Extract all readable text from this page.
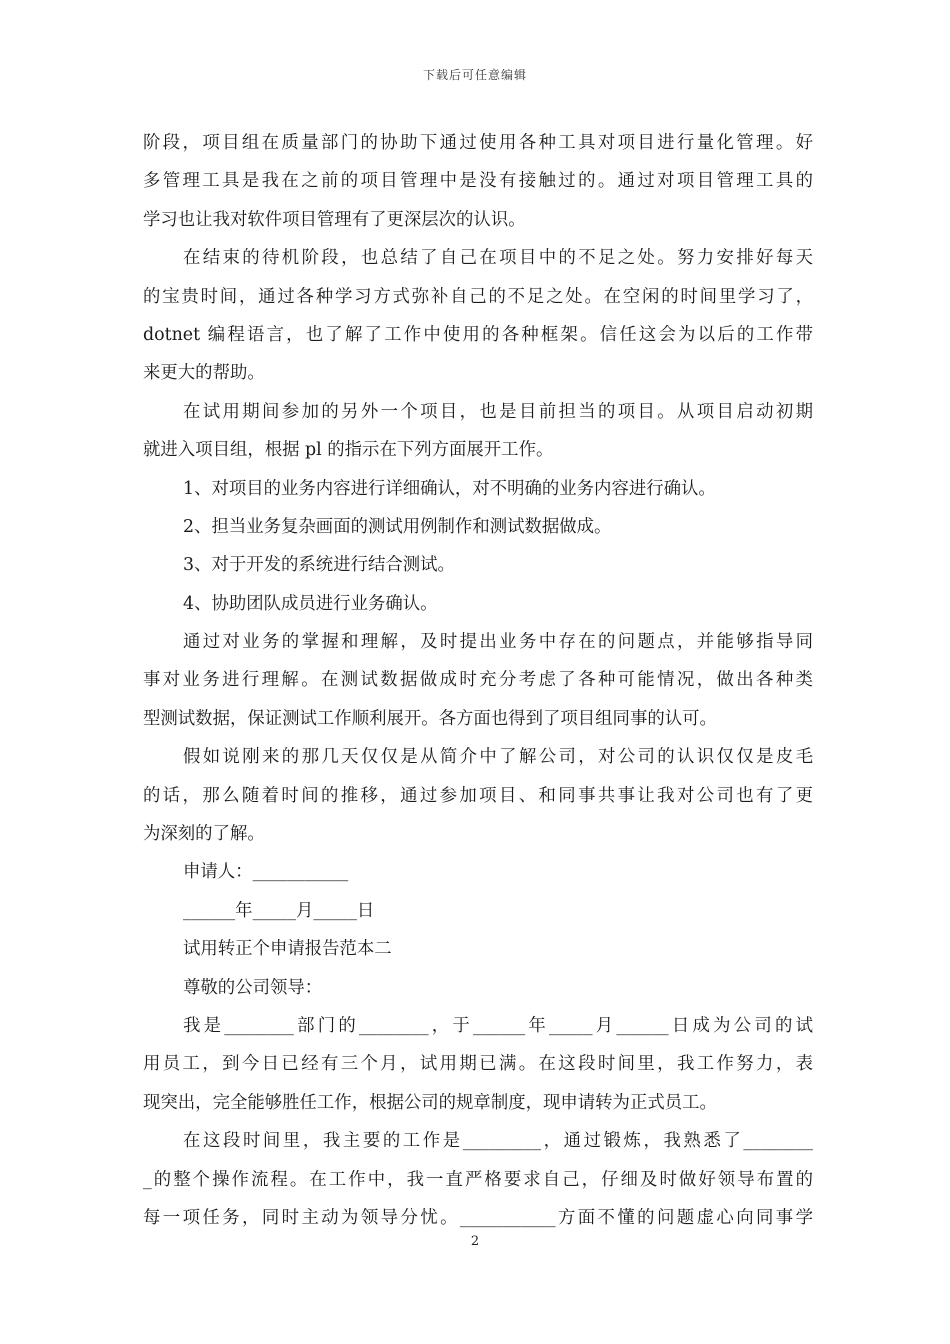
下载后可任意编辑
阶段，项目组在质量部门的协助下通过使用各种工具对项目进行量化管理。好
多管理工具是我在之前的项目管理中是没有接触过的。通过对项目管理工具的
学习也让我对软件项目管理有了更深层次的认识。
在结束的待机阶段，也总结了自己在项目中的不足之处。努力安排好每天
的宝贵时间，通过各种学习方式弥补自己的不足之处。在空闲的时间里学习了，
dotnet 编程语言，也了解了工作中使用的各种框架。信任这会为以后的工作带
来更大的帮助。
在试用期间参加的另外一个项目，也是目前担当的项目。从项目启动初期
就进入项目组，根据 pl 的指示在下列方面展开工作。
1、对项目的业务内容进行详细确认，对不明确的业务内容进行确认。
2、担当业务复杂画面的测试用例制作和测试数据做成。
3、对于开发的系统进行结合测试。
4、协助团队成员进行业务确认。
通过对业务的掌握和理解，及时提出业务中存在的问题点，并能够指导同
事对业务进行理解。在测试数据做成时充分考虑了各种可能情况，做出各种类
型测试数据，保证测试工作顺利展开。各方面也得到了项目组同事的认可。
假如说刚来的那几天仅仅是从简介中了解公司，对公司的认识仅仅是皮毛
的话，那么随着时间的推移，通过参加项目、和同事共事让我对公司也有了更
为深刻的了解。
申请人：___________
______年_____月_____日
试用转正个申请报告范本二
尊敬的公司领导：
我是________部门的________，于______年_____月______日成为公司的试
用员工，到今日已经有三个月，试用期已满。在这段时间里，我工作努力，表
现突出，完全能够胜任工作，根据公司的规章制度，现申请转为正式员工。
在这段时间里，我主要的工作是_________，通过锻炼，我熟悉了________
_的整个操作流程。在工作中，我一直严格要求自己，仔细及时做好领导布置的
每一项任务，同时主动为领导分忧。___________方面不懂的问题虚心向同事学
2
